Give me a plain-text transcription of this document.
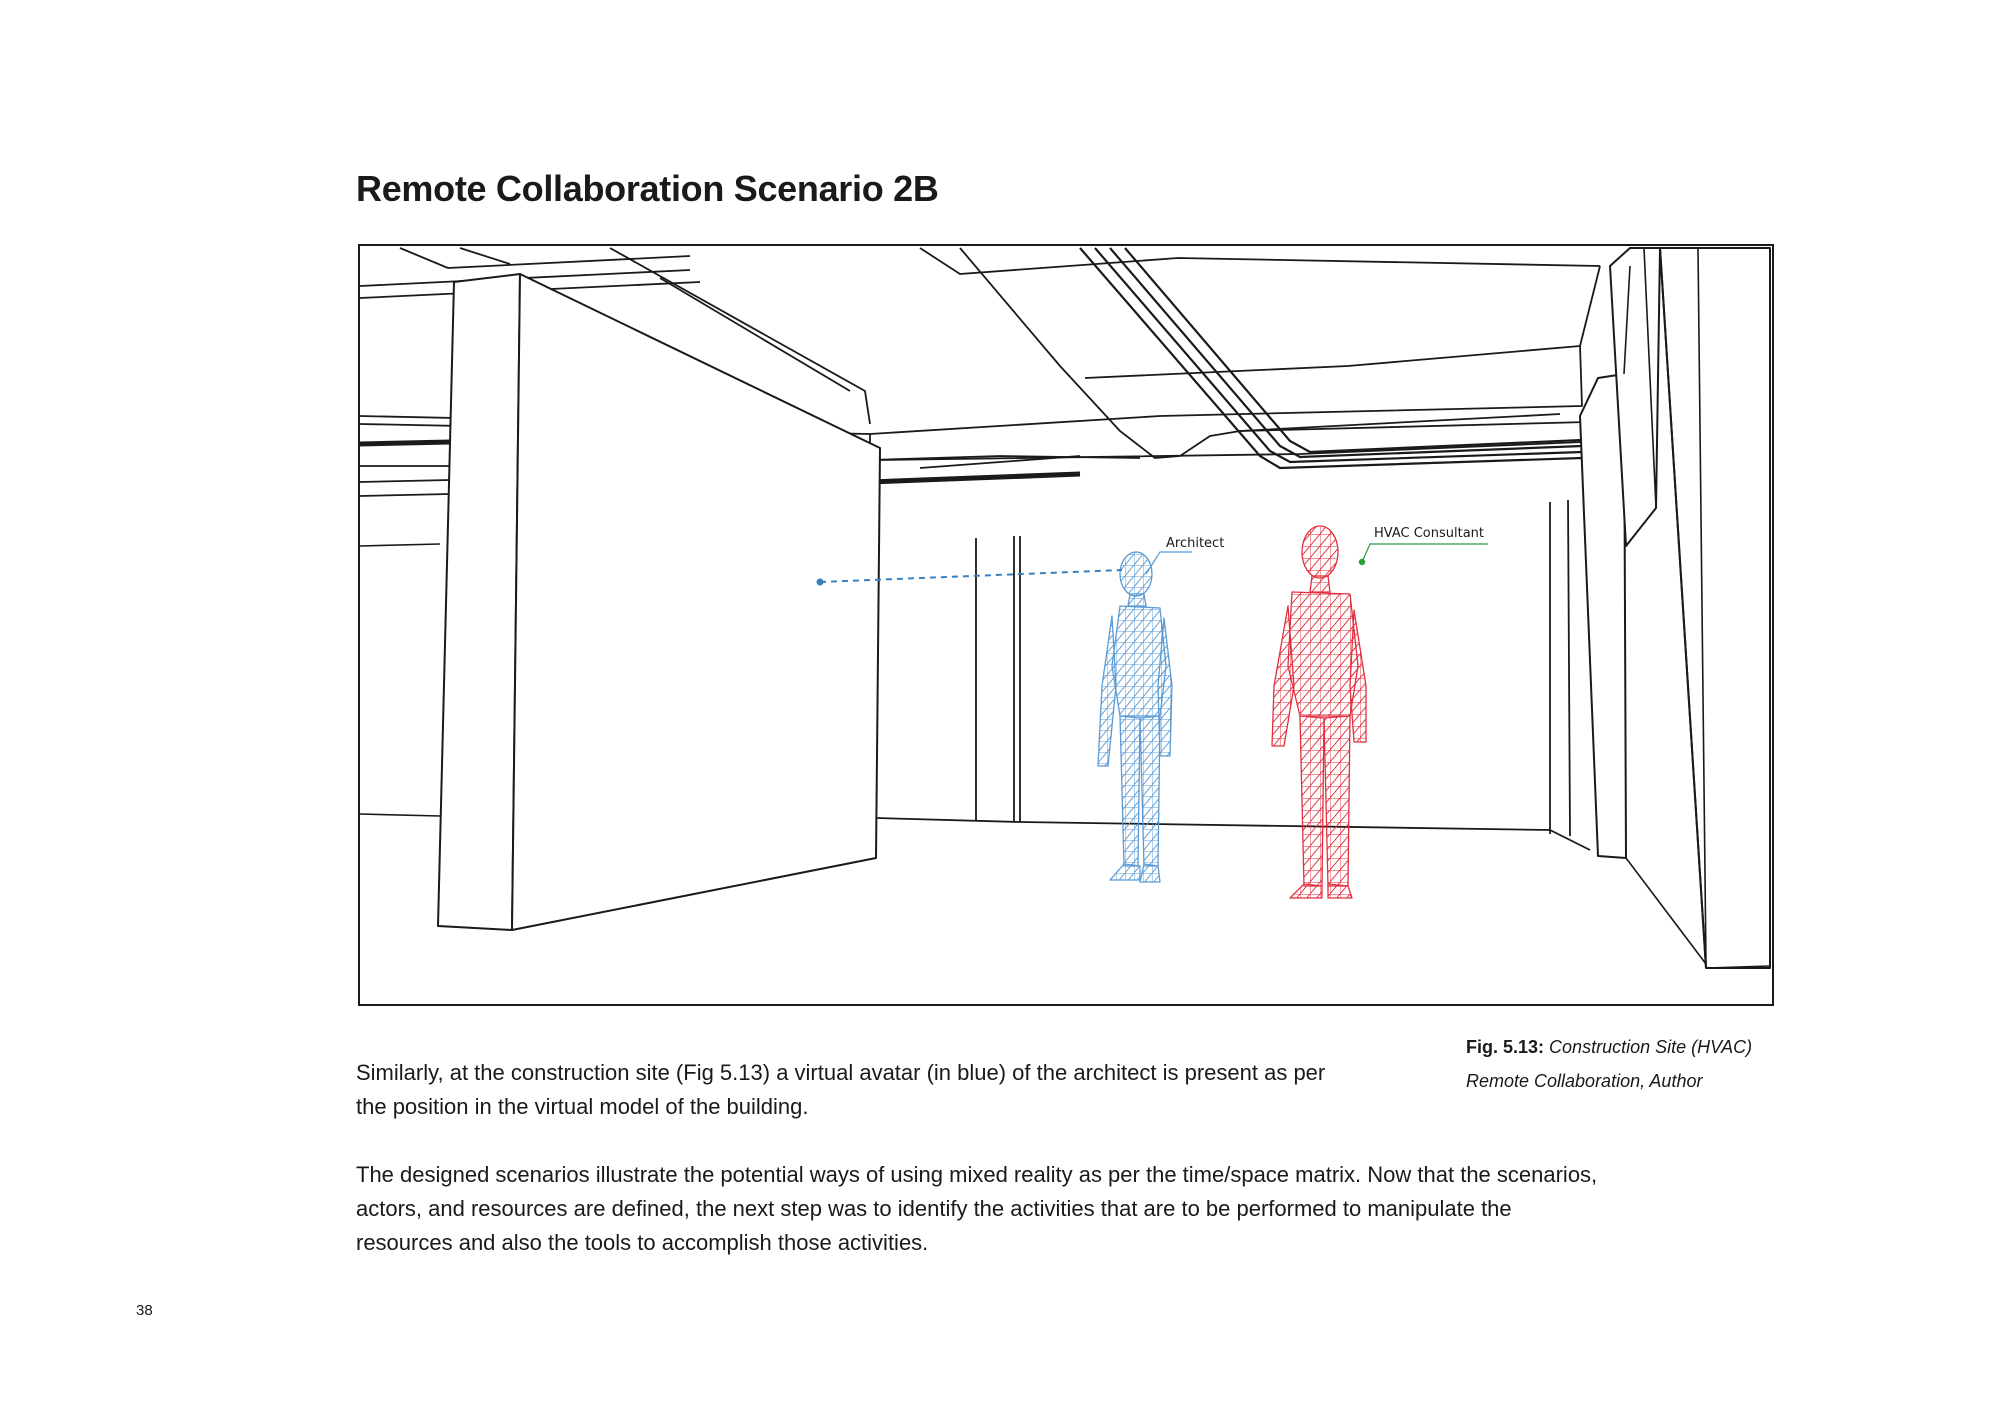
Remote Collaboration Scenario 2B
Architect
HVAC Consultant
Fig. 5.13: Construction Site (HVAC) Remote Collaboration, Author

Similarly, at the construction site (Fig 5.13) a virtual avatar (in blue) of the architect is present as per the position in the virtual model of the building.

The designed scenarios illustrate the potential ways of using mixed reality as per the time/space matrix. Now that the scenarios, actors, and resources are defined, the next step was to identify the activities that are to be performed to manipulate the resources and also the tools to accomplish those activities.

38
